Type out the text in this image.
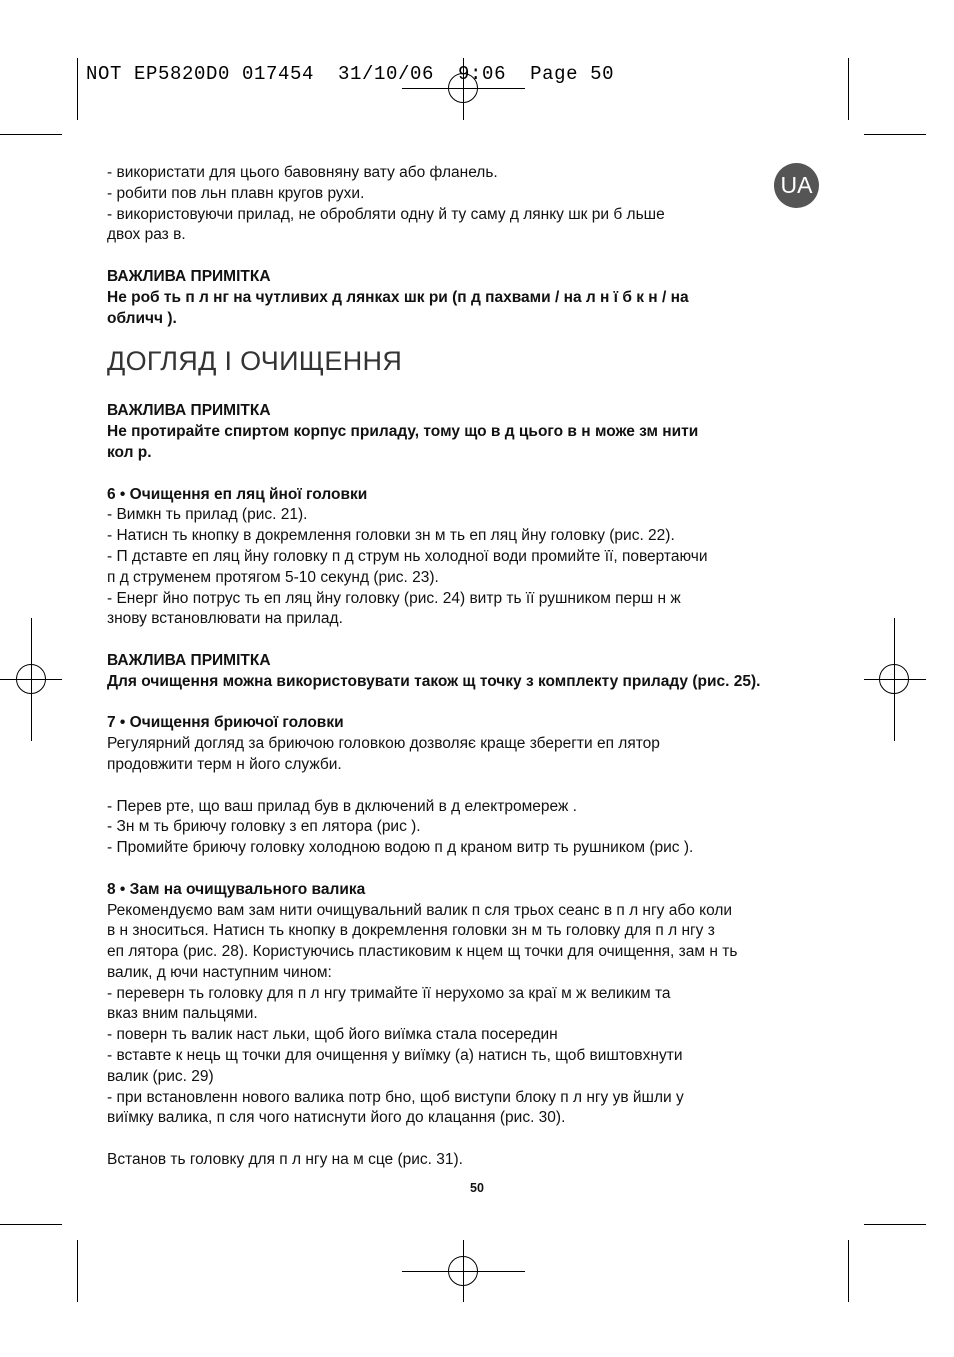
NOT EP5820D0 017454  31/10/06  9:06  Page 50
UA

- використати для цього бавовняну вату або фланель.

- робити пов льн плавн кругов рухи.

- використовуючи прилад, не обробляти одну й ту саму д лянку шк ри б льше

двох раз в.

ВАЖЛИВА ПРИМІТКА

Не роб ть п л нг на чутливих д лянках шк ри (п д пахвами / на л н ї б к н / на

обличч ).

ДОГЛЯД І ОЧИЩЕННЯ

ВАЖЛИВА ПРИМІТКА

Не протирайте спиртом корпус приладу, тому що в д цього в н може зм нити

кол р.

6 • Очищення еп ляц йної головки

- Вимкн ть прилад (рис. 21).

- Натисн ть кнопку в докремлення головки зн м ть еп ляц йну головку (рис. 22).

- П дставте еп ляц йну головку п д струм нь холодної води промийте її, повертаючи

п д струменем протягом 5-10 секунд (рис. 23).

- Енерг йно потрус ть еп ляц йну головку (рис. 24) витр ть її рушником перш н ж

знову встановлювати на прилад.

ВАЖЛИВА ПРИМІТКА

Для очищення можна використовувати також щ точку з комплекту приладу (рис. 25).

7 • Очищення бриючої головки

Регулярний догляд за бриючою головкою дозволяє краще зберегти еп лятор

продовжити терм н його служби.

- Перев рте, що ваш прилад був в дключений в д електромереж .

- Зн м ть бриючу головку з еп лятора (рис ).

- Промийте бриючу головку холодною водою п д краном витр ть рушником (рис ).

8 • Зам на очищувального валика

Рекомендуємо вам зам нити очищувальний валик п сля трьох сеанс в п л нгу або коли

в н зноситься. Натисн ть кнопку в докремлення головки зн м ть головку для п л нгу з

еп лятора (рис. 28). Користуючись пластиковим к нцем щ точки для очищення, зам н ть

валик, д ючи наступним чином:

- переверн ть головку для п л нгу тримайте її нерухомо за краї м ж великим та

вказ вним пальцями.

- поверн ть валик наст льки, щоб його виїмка стала посередин

- вставте к нець щ точки для очищення у виїмку (а) натисн ть, щоб виштовхнути

валик (рис. 29)

- при встановленн нового валика потр бно, щоб виступи блоку п л нгу ув йшли у

виїмку валика, п сля чого натиснути його до клацання (рис. 30).

Встанов ть головку для п л нгу на м сце (рис. 31).

50
